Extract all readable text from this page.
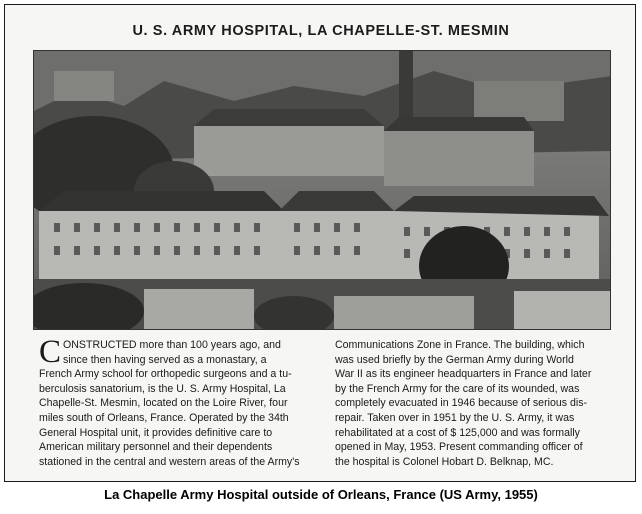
U. S. ARMY HOSPITAL, LA CHAPELLE-ST. MESMIN
C ONSTRUCTED more than 100 years ago, and
since then having served as a monastary, a
French Army school for orthopedic surgeons and a tu-
berculosis sanatorium, is the U. S. Army Hospital, La
Chapelle-St. Mesmin, located on the Loire River, four
miles south of Orleans, France. Operated by the 34th
General Hospital unit, it provides definitive care to
American military personnel and their dependents
stationed in the central and western areas of the Army's
Communications Zone in France. The building, which
was used briefly by the German Army during World
War II as its engineer headquarters in France and later
by the French Army for the care of its wounded, was
completely evacuated in 1946 because of serious dis-
repair. Taken over in 1951 by the U. S. Army, it was
rehabilitated at a cost of $ 125,000 and was formally
opened in May, 1953. Present commanding officer of
the hospital is Colonel Hobart D. Belknap, MC.
La Chapelle Army Hospital outside of Orleans, France (US Army, 1955)
